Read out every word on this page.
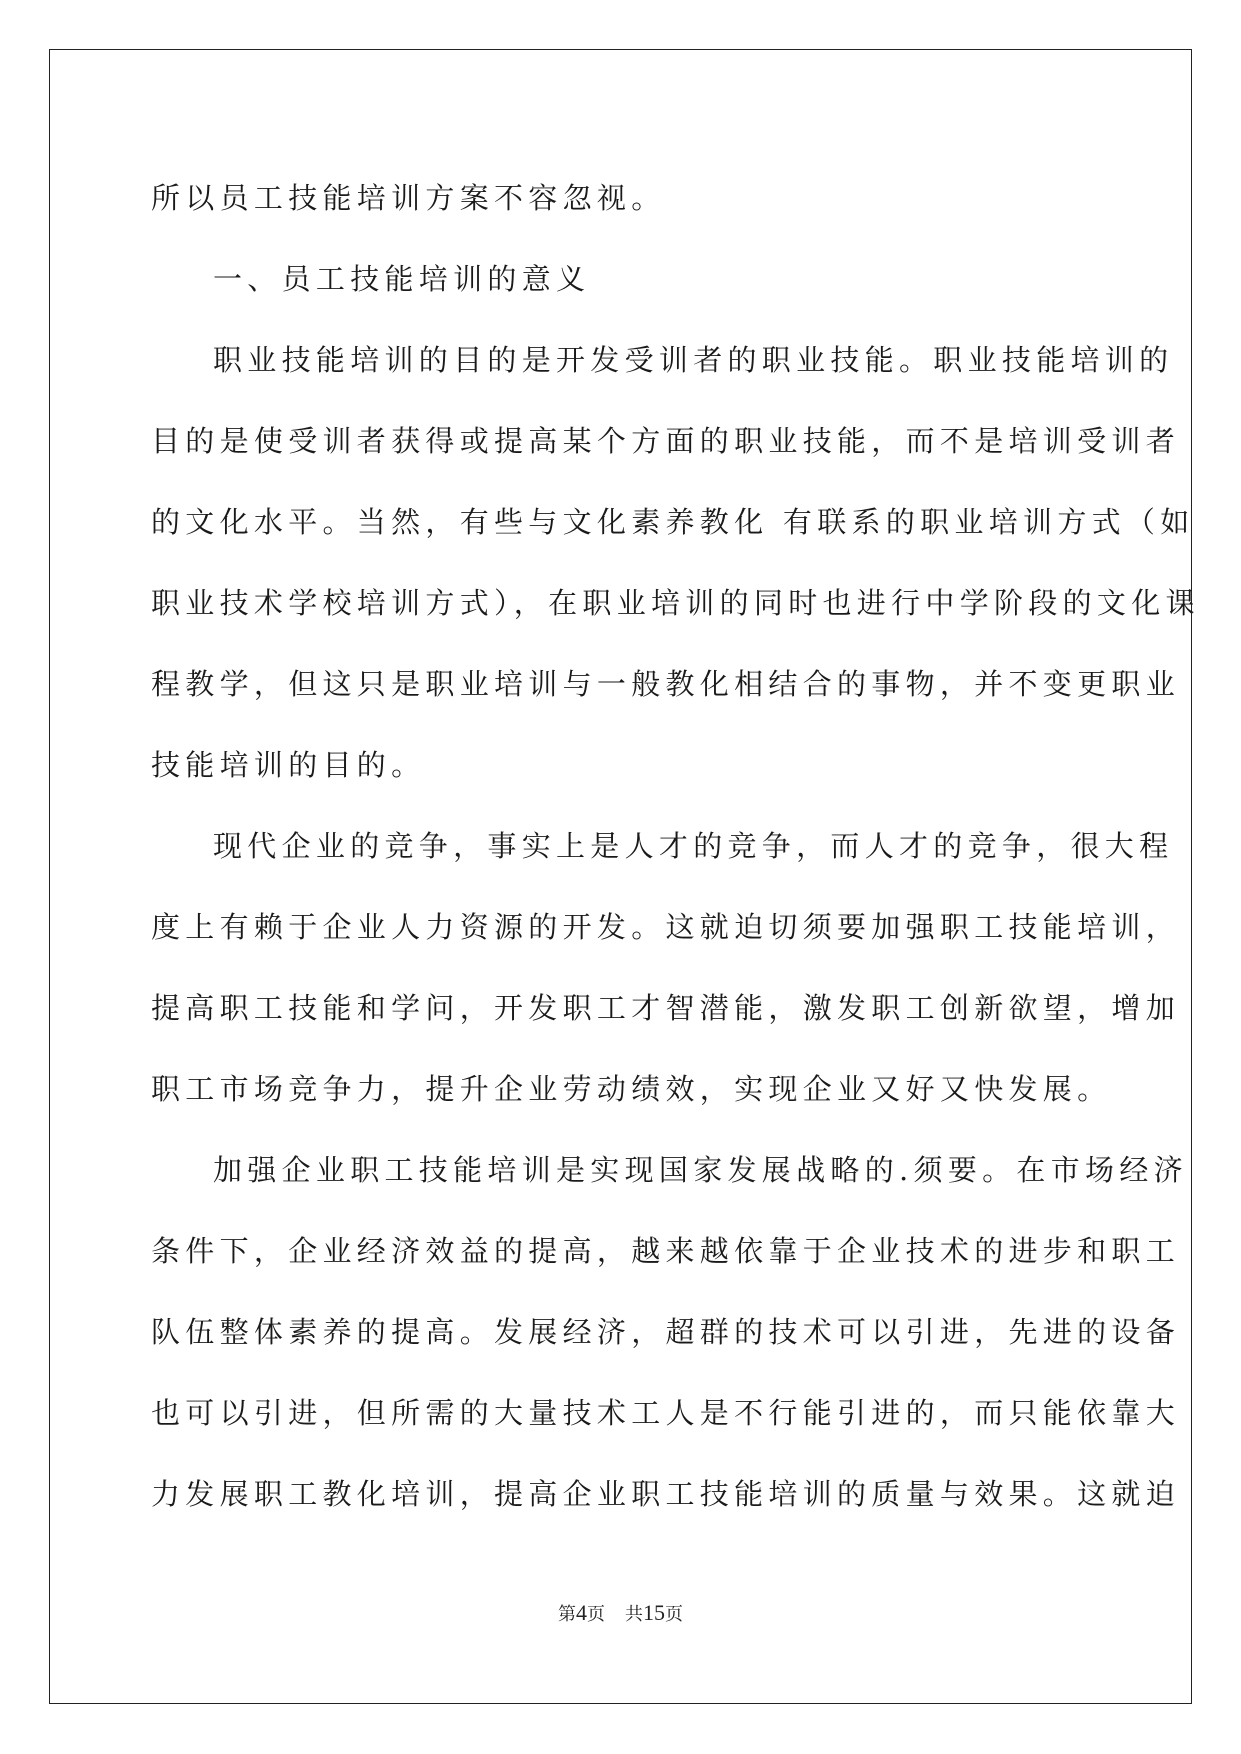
所以员工技能培训方案不容忽视。
一、员工技能培训的意义
职业技能培训的目的是开发受训者的职业技能。职业技能培训的
目的是使受训者获得或提高某个方面的职业技能，而不是培训受训者
的文化水平。当然，有些与文化素养教化 有联系的职业培训方式（如
职业技术学校培训方式），在职业培训的同时也进行中学阶段的文化课
程教学，但这只是职业培训与一般教化相结合的事物，并不变更职业
技能培训的目的。
现代企业的竞争，事实上是人才的竞争，而人才的竞争，很大程
度上有赖于企业人力资源的开发。这就迫切须要加强职工技能培训，
提高职工技能和学问，开发职工才智潜能，激发职工创新欲望，增加
职工市场竞争力，提升企业劳动绩效，实现企业又好又快发展。
加强企业职工技能培训是实现国家发展战略的.须要。在市场经济
条件下，企业经济效益的提高，越来越依靠于企业技术的进步和职工
队伍整体素养的提高。发展经济，超群的技术可以引进，先进的设备
也可以引进，但所需的大量技术工人是不行能引进的，而只能依靠大
力发展职工教化培训，提高企业职工技能培训的质量与效果。这就迫
第4页 共15页
